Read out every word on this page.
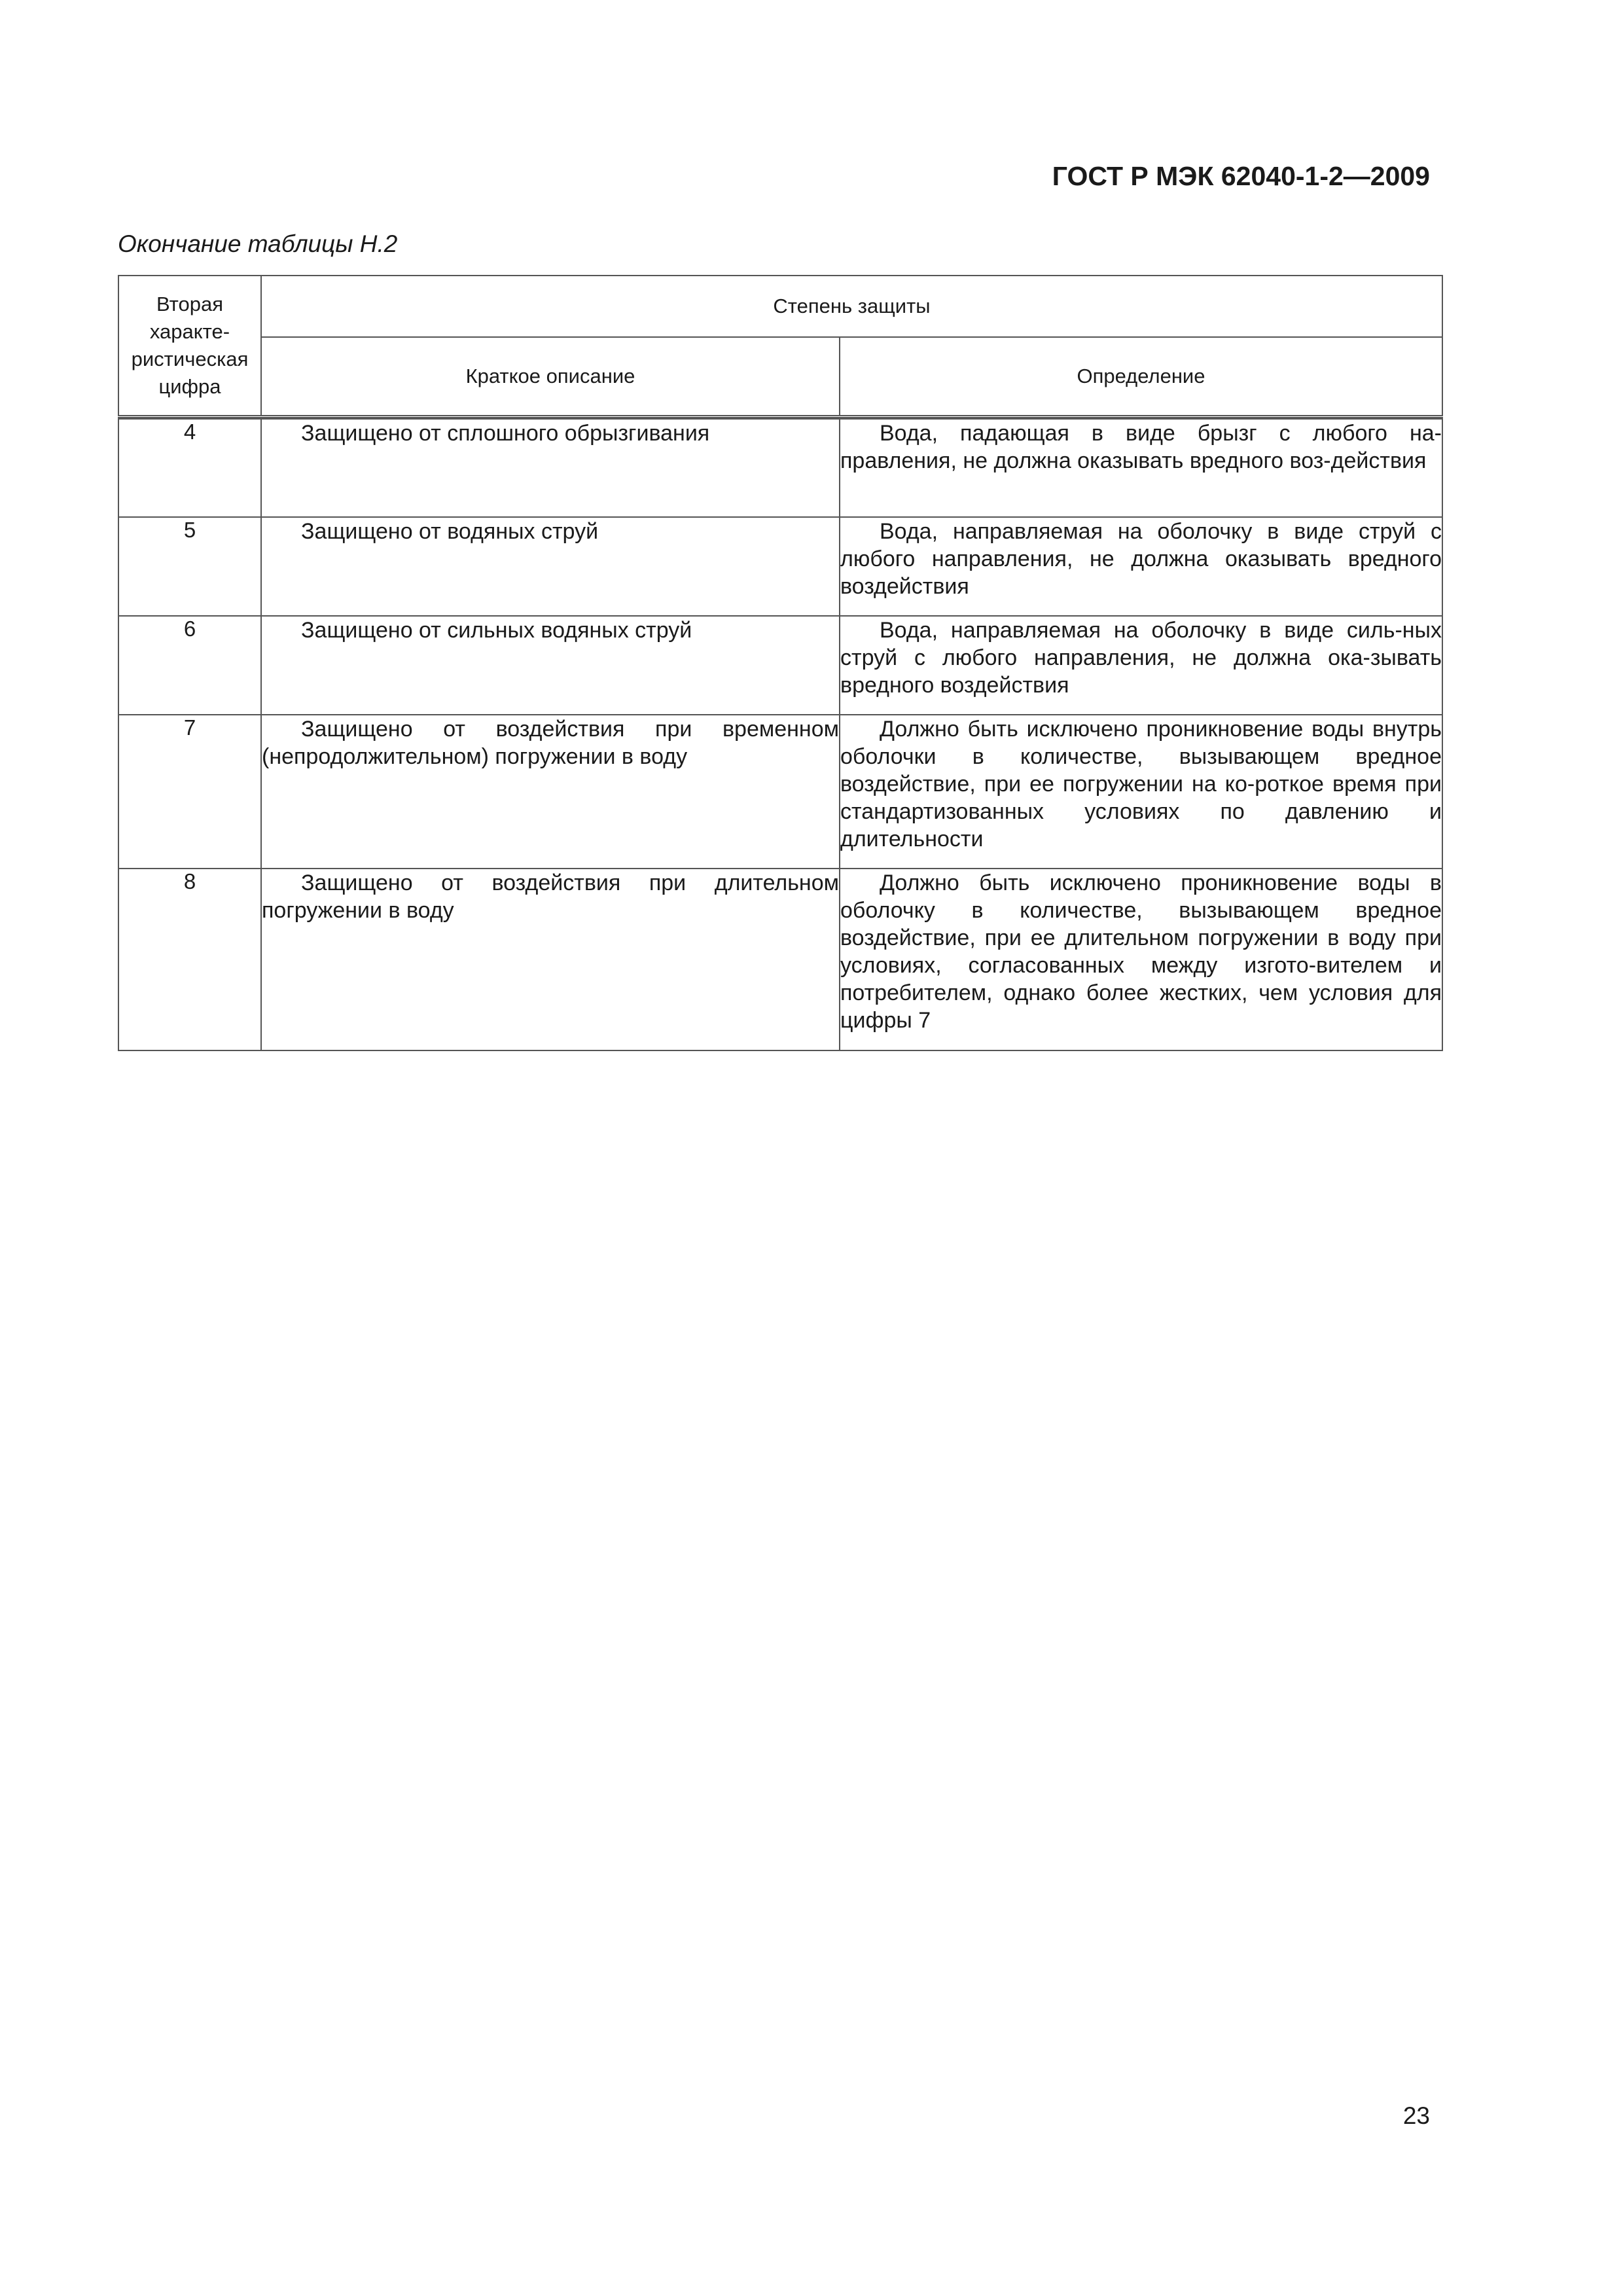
ГОСТ Р МЭК 62040-1-2—2009
Окончание таблицы Н.2
Вторая характе-ристическая цифра	Степень защиты	
	Краткое описание	Определение

4	Защищено от сплошного обрызгивания	Вода, падающая в виде брызг с любого на-правления, не должна оказывать вредного воз-действия
5	Защищено от водяных струй	Вода, направляемая на оболочку в виде струй с любого направления, не должна оказывать вредного воздействия
6	Защищено от сильных водяных струй	Вода, направляемая на оболочку в виде силь-ных струй с любого направления, не должна ока-зывать вредного воздействия
7	Защищено от воздействия при временном (непродолжительном) погружении в воду	Должно быть исключено проникновение воды внутрь оболочки в количестве, вызывающем вредное воздействие, при ее погружении на ко-роткое время при стандартизованных условиях по давлению и длительности
8	Защищено от воздействия при длительном погружении в воду	Должно быть исключено проникновение воды в оболочку в количестве, вызывающем вредное воздействие, при ее длительном погружении в воду при условиях, согласованных между изгото-вителем и потребителем, однако более жестких, чем условия для цифры 7
23
